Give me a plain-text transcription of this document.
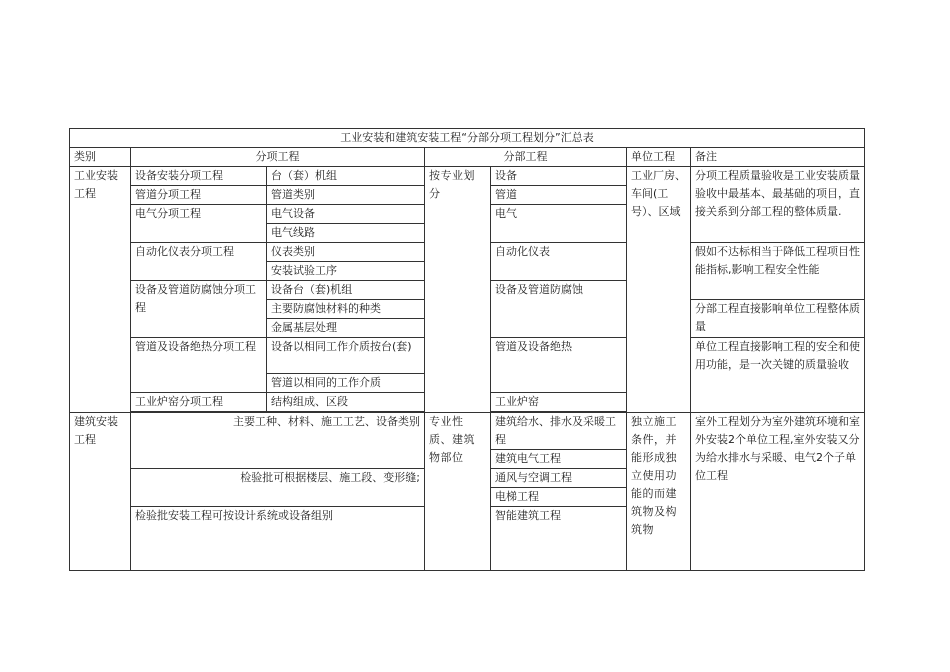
工业安装和建筑安装工程“分部分项工程划分”汇总表						
类别	分项工程		分部工程		单位工程	备注
工业安装工程	设备安装分项工程	台（套）机组	按专业划分	设备	工业厂房、车间(工号）、区域	分项工程质量验收是工业安装质量验收中最基本、最基础的项目，直接关系到分部工程的整体质量.
	管道分项工程	管道类别		管道		
	电气分项工程	电气设备		电气		
		电气线路				
	自动化仪表分项工程	仪表类别		自动化仪表		假如不达标相当于降低工程项目性能指标,影响工程安全性能
		安装试验工序				
	设备及管道防腐蚀分项工程	设备台（套)机组		设备及管道防腐蚀		
		主要防腐蚀材料的种类				分部工程直接影响单位工程整体质量
		金属基层处理				
	管道及设备绝热分项工程	设备以相同工作介质按台(套)		管道及设备绝热		单位工程直接影响工程的安全和使用功能，是一次关键的质量验收
		管道以相同的工作介质				
	工业炉窑分项工程	结构组成、区段		工业炉窑		

建筑安装工程	主要工种、材料、施工工艺、设备类别		专业性质、建筑物部位	建筑给水、排水及采暖工程	独立施工条件，并能形成独立使用功能的而建筑物及构筑物	室外工程划分为室外建筑环境和室外安装2个单位工程,室外安装又分为给水排水与采暖、电气2个子单位工程
				建筑电气工程		
	检验批可根据楼层、施工段、变形缝;			通风与空调工程		
				电梯工程		
	检验批安装工程可按设计系统或设备组别			智能建筑工程		
